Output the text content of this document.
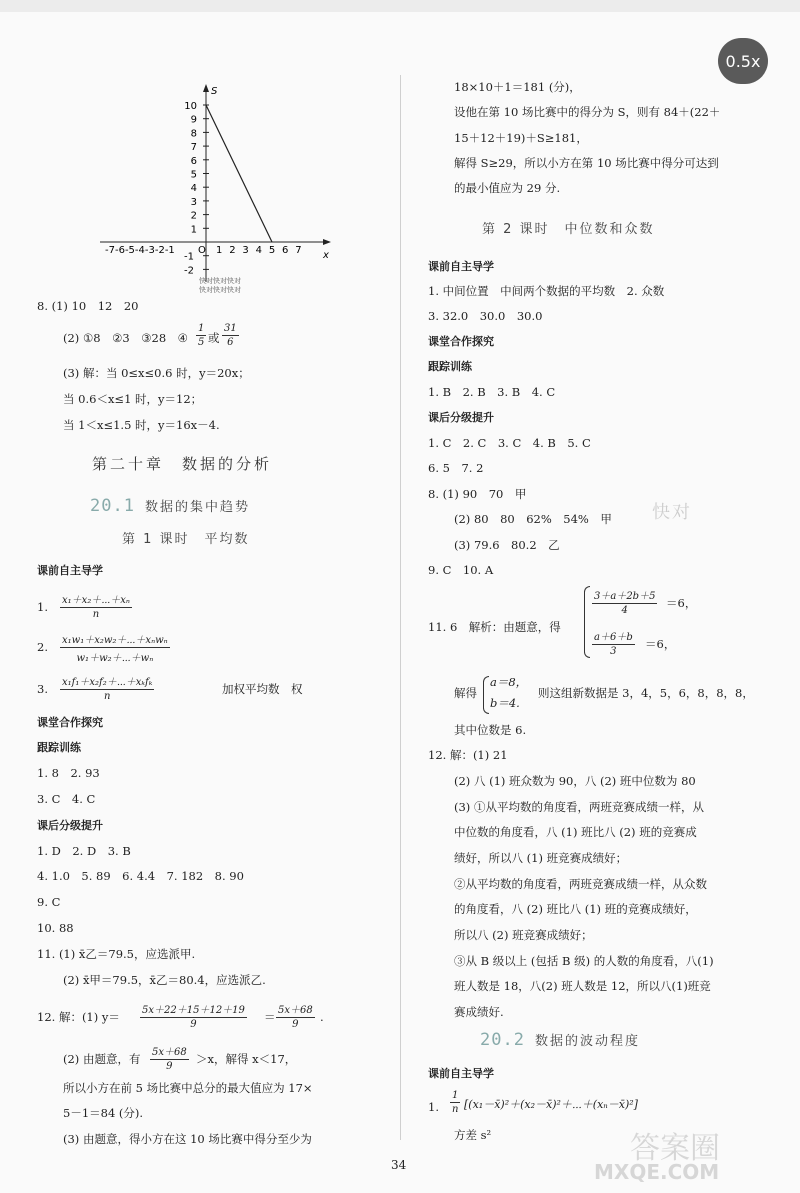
0.5x
S
x
10
9
8
7
6
5
4
3
2
1
-1
-2
-7-6-5-4-3-2-1 O 1 2 3 4 5 6 7
快对快对快对
快对快对快对
8. (1) 10　12　20
(2) ①8　②3　③28　④ $\frac{1}{5}$ 或 $\frac{31}{6}$
(3) 解：当 0≤x≤0.6 时，y＝20x；
当 0.6＜x≤1 时，y＝12；
当 1＜x≤1.5 时，y＝16x－4.
第二十章　数据的分析
20.1 数据的集中趋势
第 1 课时　平均数
课前自主导学
1. $\frac{\text{x₁＋x₂＋⋯＋xₙ}}{n}$
2. x₁w₁＋x₂w₂＋⋯＋xₙwₙ
w₁＋w₂＋⋯＋wₙ
3. x₁f₁＋x₂f₂＋⋯＋xₖfₖ
n
加权平均数　权
课堂合作探究
跟踪训练
1. 8　2. 93
3. C　4. C
课后分级提升
1. D　2. D　3. B
4. 1.0　5. 89　6. 4.4　7. 182　8. 90
9. C
10. 88
11. (1) x̄乙＝79.5，应选派甲.
(2) x̄甲＝79.5，x̄乙＝80.4，应选派乙.
12. 解：(1) $y= \frac{5x+22+15+12+19}{9} = \frac{5x+68}{9}$ .
(2) 由题意，有 $\frac{5x+68}{9} >x$，解得 x＜17，
所以小方在前 5 场比赛中总分的最大值应为 17×
5－1＝84 (分).
(3) 由题意，得小方在这 10 场比赛中得分至少为
18×10＋1＝181 (分)，
设他在第 10 场比赛中的得分为 S，则有 84＋(22＋
15＋12＋19)＋S≥181，
解得 S≥29，所以小方在第 10 场比赛中得分可达到
的最小值应为 29 分.
第 2 课时　中位数和众数
课前自主导学
1. 中间位置　中间两个数据的平均数　2. 众数
3. 32.0　30.0　30.0
课堂合作探究
跟踪训练
1. B　2. B　3. B　4. C
课后分级提升
1. C　2. C　3. C　4. B　5. C
6. 5　7. 2
8. (1) 90　70　甲
(2) 80　80　62%　54%　甲
(3) 79.6　80.2　乙
9. C　10. A
11. 6　解析：由题意，得
$\frac{3+a+2b+5}{4} =6$，
$\frac{a+6+b}{3} =6$，
解得
a＝8，
b＝4.
则这组新数据是 3，4，5，6，8，8，8，
其中位数是 6.
12. 解：(1) 21
(2) 八 (1) 班众数为 90，八 (2) 班中位数为 80
(3) ①从平均数的角度看，两班竞赛成绩一样，从
中位数的角度看，八 (1) 班比八 (2) 班的竞赛成
绩好，所以八 (1) 班竞赛成绩好；
②从平均数的角度看，两班竞赛成绩一样，从众数
的角度看，八 (2) 班比八 (1) 班的竞赛成绩好，
所以八 (2) 班竞赛成绩好；
③从 B 级以上 (包括 B 级) 的人数的角度看，八(1)
班人数是 18，八(2) 班人数是 12，所以八(1)班竞
赛成绩好.
20.2 数据的波动程度
课前自主导学
1. $\frac{1}{n}$ [(x₁－x̄)²＋(x₂－x̄)²＋⋯＋(xₙ－x̄)²]
方差 s²
34
快对
答案圈
MXQE.COM
